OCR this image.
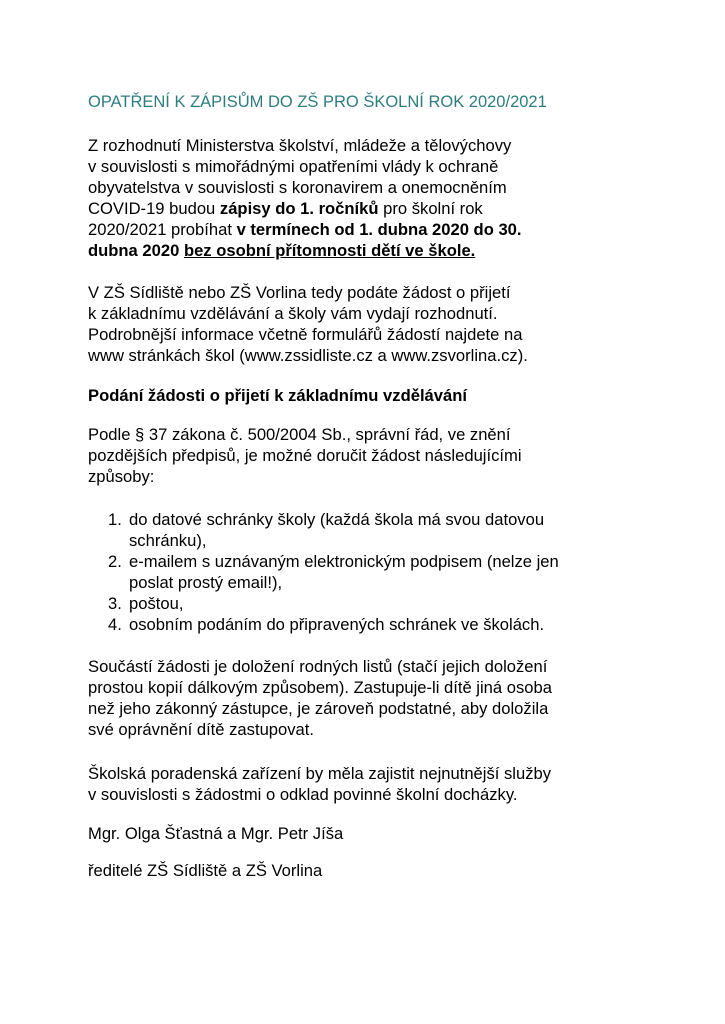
OPATŘENÍ K ZÁPISŮM DO ZŠ PRO ŠKOLNÍ ROK 2020/2021
Z rozhodnutí Ministerstva školství, mládeže a tělovýchovy
v souvislosti s mimořádnými opatřeními vlády k ochraně
obyvatelstva v souvislosti s koronavirem a onemocněním
COVID-19 budou zápisy do 1. ročníků pro školní rok
2020/2021 probíhat v termínech od 1. dubna 2020 do 30.
dubna 2020 bez osobní přítomnosti dětí ve škole.
V ZŠ Sídliště nebo ZŠ Vorlina tedy podáte žádost o přijetí
k základnímu vzdělávání a školy vám vydají rozhodnutí.
Podrobnější informace včetně formulářů žádostí najdete na
www stránkách škol (www.zssidliste.cz a www.zsvorlina.cz).
Podání žádosti o přijetí k základnímu vzdělávání
Podle § 37 zákona č. 500/2004 Sb., správní řád, ve znění
pozdějších předpisů, je možné doručit žádost následujícími
způsoby:
1. do datové schránky školy (každá škola má svou datovou
schránku),
2. e-mailem s uznávaným elektronickým podpisem (nelze jen
poslat prostý email!),
3. poštou,
4. osobním podáním do připravených schránek ve školách.
Součástí žádosti je doložení rodných listů (stačí jejich doložení
prostou kopií dálkovým způsobem). Zastupuje-li dítě jiná osoba
než jeho zákonný zástupce, je zároveň podstatné, aby doložila
své oprávnění dítě zastupovat.
Školská poradenská zařízení by měla zajistit nejnutnější služby
v souvislosti s žádostmi o odklad povinné školní docházky.
Mgr. Olga Šťastná a Mgr. Petr Jíša
ředitelé ZŠ Sídliště a ZŠ Vorlina
